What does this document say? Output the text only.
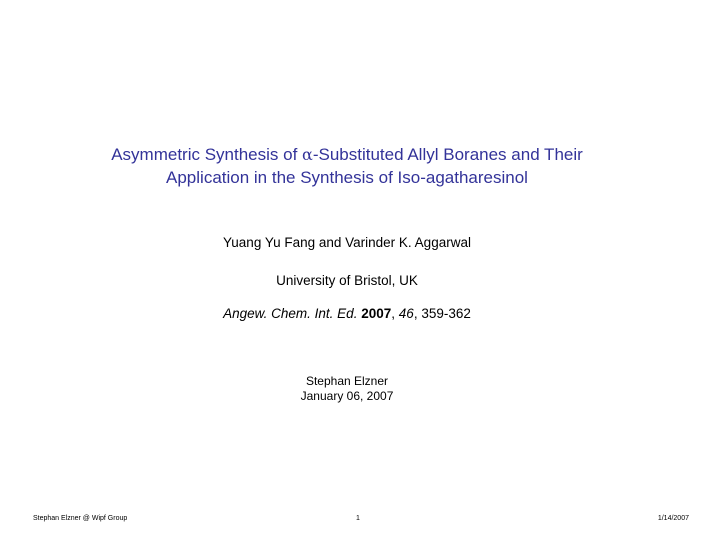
Asymmetric Synthesis of α-Substituted Allyl Boranes and Their
Application in the Synthesis of Iso-agatharesinol
Yuang Yu Fang and Varinder K. Aggarwal
University of Bristol, UK
Angew. Chem. Int. Ed. 2007, 46, 359-362
Stephan Elzner
January 06, 2007
Stephan Elzner @ Wipf Group	1	1/14/2007
